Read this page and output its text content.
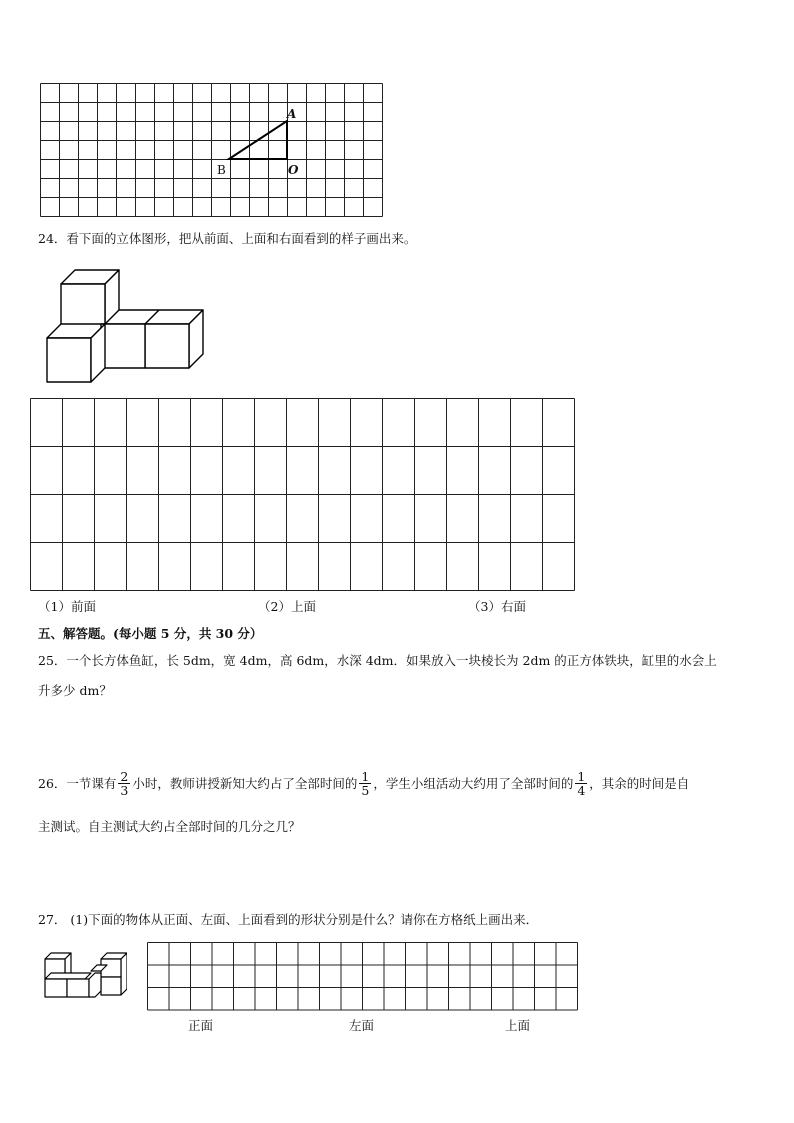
A
B	O
24．看下面的立体图形，把从前面、上面和右面看到的样子画出来。
（1）前面	（2）上面	（3）右面
五、解答题。(每小题 5 分，共 30 分）
25．一个长方体鱼缸，长 5dm，宽 4dm，高 6dm，水深 4dm．如果放入一块棱长为 2dm 的正方体铁块，缸里的水会上
升多少 dm？
26．一节课有 $\frac{2}{3}$ 小时，教师讲授新知大约占了全部时间的 $\frac{1}{5}$ ，学生小组活动大约用了全部时间的 $\frac{1}{4}$ ，其余的时间是自
主测试。自主测试大约占全部时间的几分之几？
27． (1)下面的物体从正面、左面、上面看到的形状分别是什么？请你在方格纸上画出来．
正面	左面	上面
